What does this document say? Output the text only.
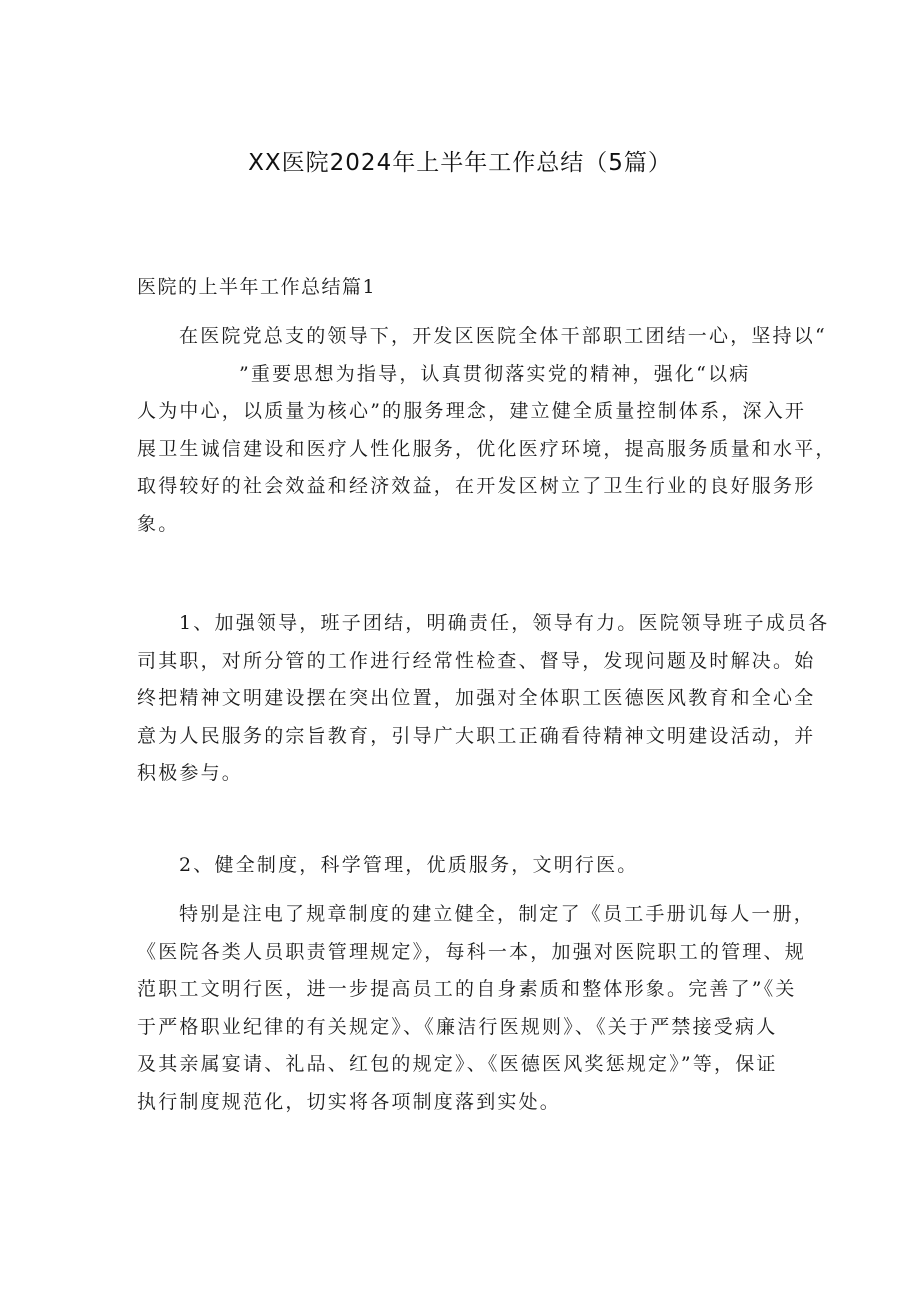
XX医院2024年上半年工作总结（5篇）
医院的上半年工作总结篇1
在医院党总支的领导下，开发区医院全体干部职工团结一心，坚持以“
”重要思想为指导，认真贯彻落实党的精神，强化“以病
人为中心，以质量为核心”的服务理念，建立健全质量控制体系，深入开
展卫生诚信建设和医疗人性化服务，优化医疗环境，提高服务质量和水平，
取得较好的社会效益和经济效益，在开发区树立了卫生行业的良好服务形
象。
1、加强领导，班子团结，明确责任，领导有力。医院领导班子成员各
司其职，对所分管的工作进行经常性检查、督导，发现问题及时解决。始
终把精神文明建设摆在突出位置，加强对全体职工医德医风教育和全心全
意为人民服务的宗旨教育，引导广大职工正确看待精神文明建设活动，并
积极参与。
2、健全制度，科学管理，优质服务，文明行医。
特别是注电了规章制度的建立健全，制定了《员工手册讥每人一册，
《医院各类人员职责管理规定》，每科一本，加强对医院职工的管理、规
范职工文明行医，进一步提高员工的自身素质和整体形象。完善了”《关
于严格职业纪律的有关规定》、《廉洁行医规则》、《关于严禁接受病人
及其亲属宴请、礼品、红包的规定》、《医德医风奖惩规定》”等，保证
执行制度规范化，切实将各项制度落到实处。
